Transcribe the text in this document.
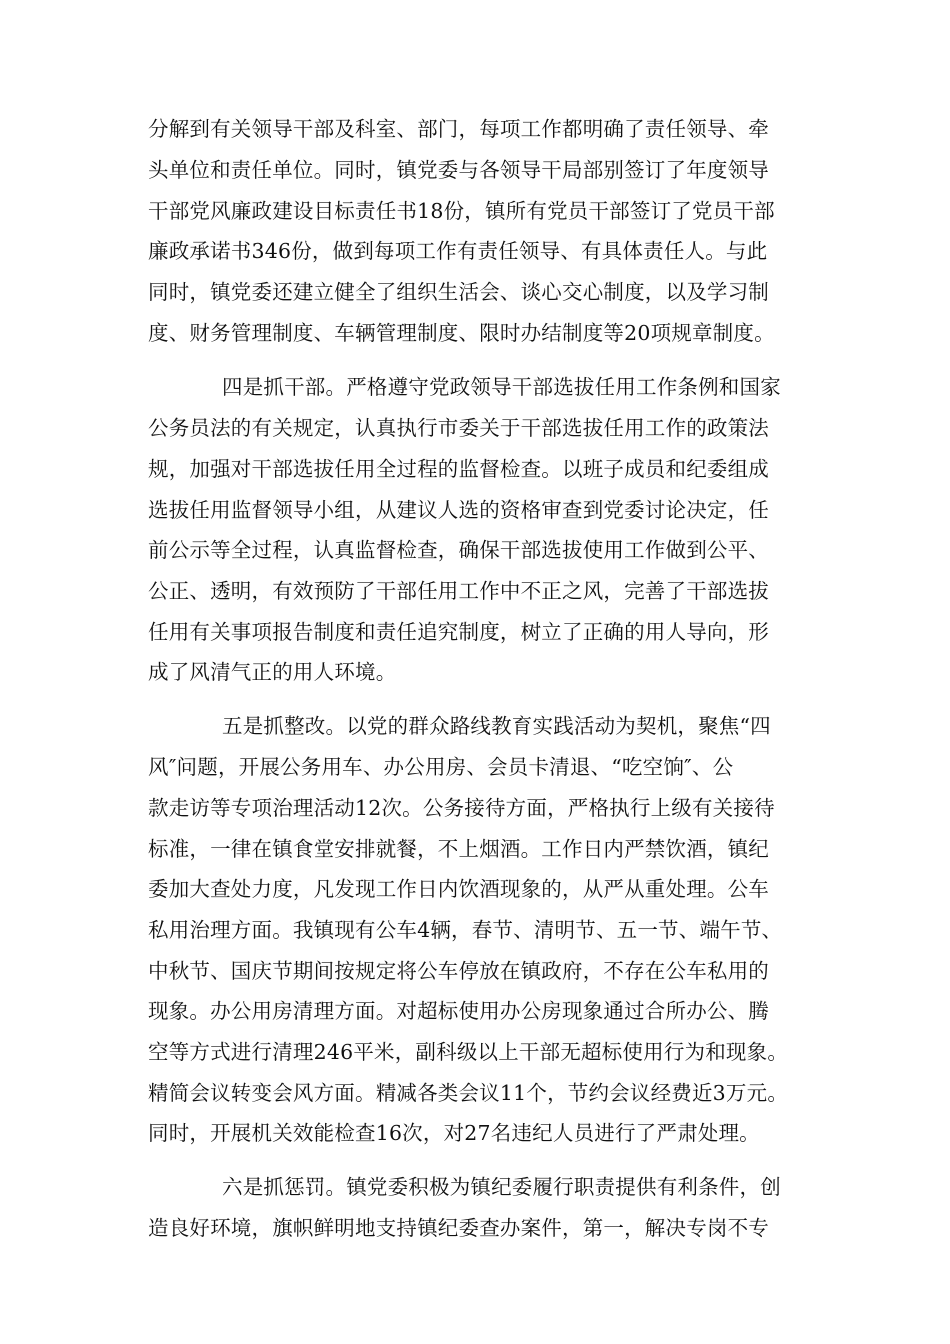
分解到有关领导干部及科室、部门，每项工作都明确了责任领导、牵
头单位和责任单位。同时，镇党委与各领导干局部别签订了年度领导
干部党风廉政建设目标责任书18份，镇所有党员干部签订了党员干部
廉政承诺书346份，做到每项工作有责任领导、有具体责任人。与此
同时，镇党委还建立健全了组织生活会、谈心交心制度，以及学习制
度、财务管理制度、车辆管理制度、限时办结制度等20项规章制度。
四是抓干部。严格遵守党政领导干部选拔任用工作条例和国家
公务员法的有关规定，认真执行市委关于干部选拔任用工作的政策法
规，加强对干部选拔任用全过程的监督检查。以班子成员和纪委组成
选拔任用监督领导小组，从建议人选的资格审查到党委讨论决定，任
前公示等全过程，认真监督检查，确保干部选拔使用工作做到公平、
公正、透明，有效预防了干部任用工作中不正之风，完善了干部选拔
任用有关事项报告制度和责任追究制度，树立了正确的用人导向，形
成了风清气正的用人环境。
五是抓整改。以党的群众路线教育实践活动为契机，聚焦“四
风″问题，开展公务用车、办公用房、会员卡清退、“吃空饷″、公
款走访等专项治理活动12次。公务接待方面，严格执行上级有关接待
标准，一律在镇食堂安排就餐，不上烟酒。工作日内严禁饮酒，镇纪
委加大查处力度，凡发现工作日内饮酒现象的，从严从重处理。公车
私用治理方面。我镇现有公车4辆，春节、清明节、五一节、端午节、
中秋节、国庆节期间按规定将公车停放在镇政府，不存在公车私用的
现象。办公用房清理方面。对超标使用办公房现象通过合所办公、腾
空等方式进行清理246平米，副科级以上干部无超标使用行为和现象。
精简会议转变会风方面。精减各类会议11个，节约会议经费近3万元。
同时，开展机关效能检查16次，对27名违纪人员进行了严肃处理。
六是抓惩罚。镇党委积极为镇纪委履行职责提供有利条件，创
造良好环境，旗帜鲜明地支持镇纪委查办案件，第一，解决专岗不专
